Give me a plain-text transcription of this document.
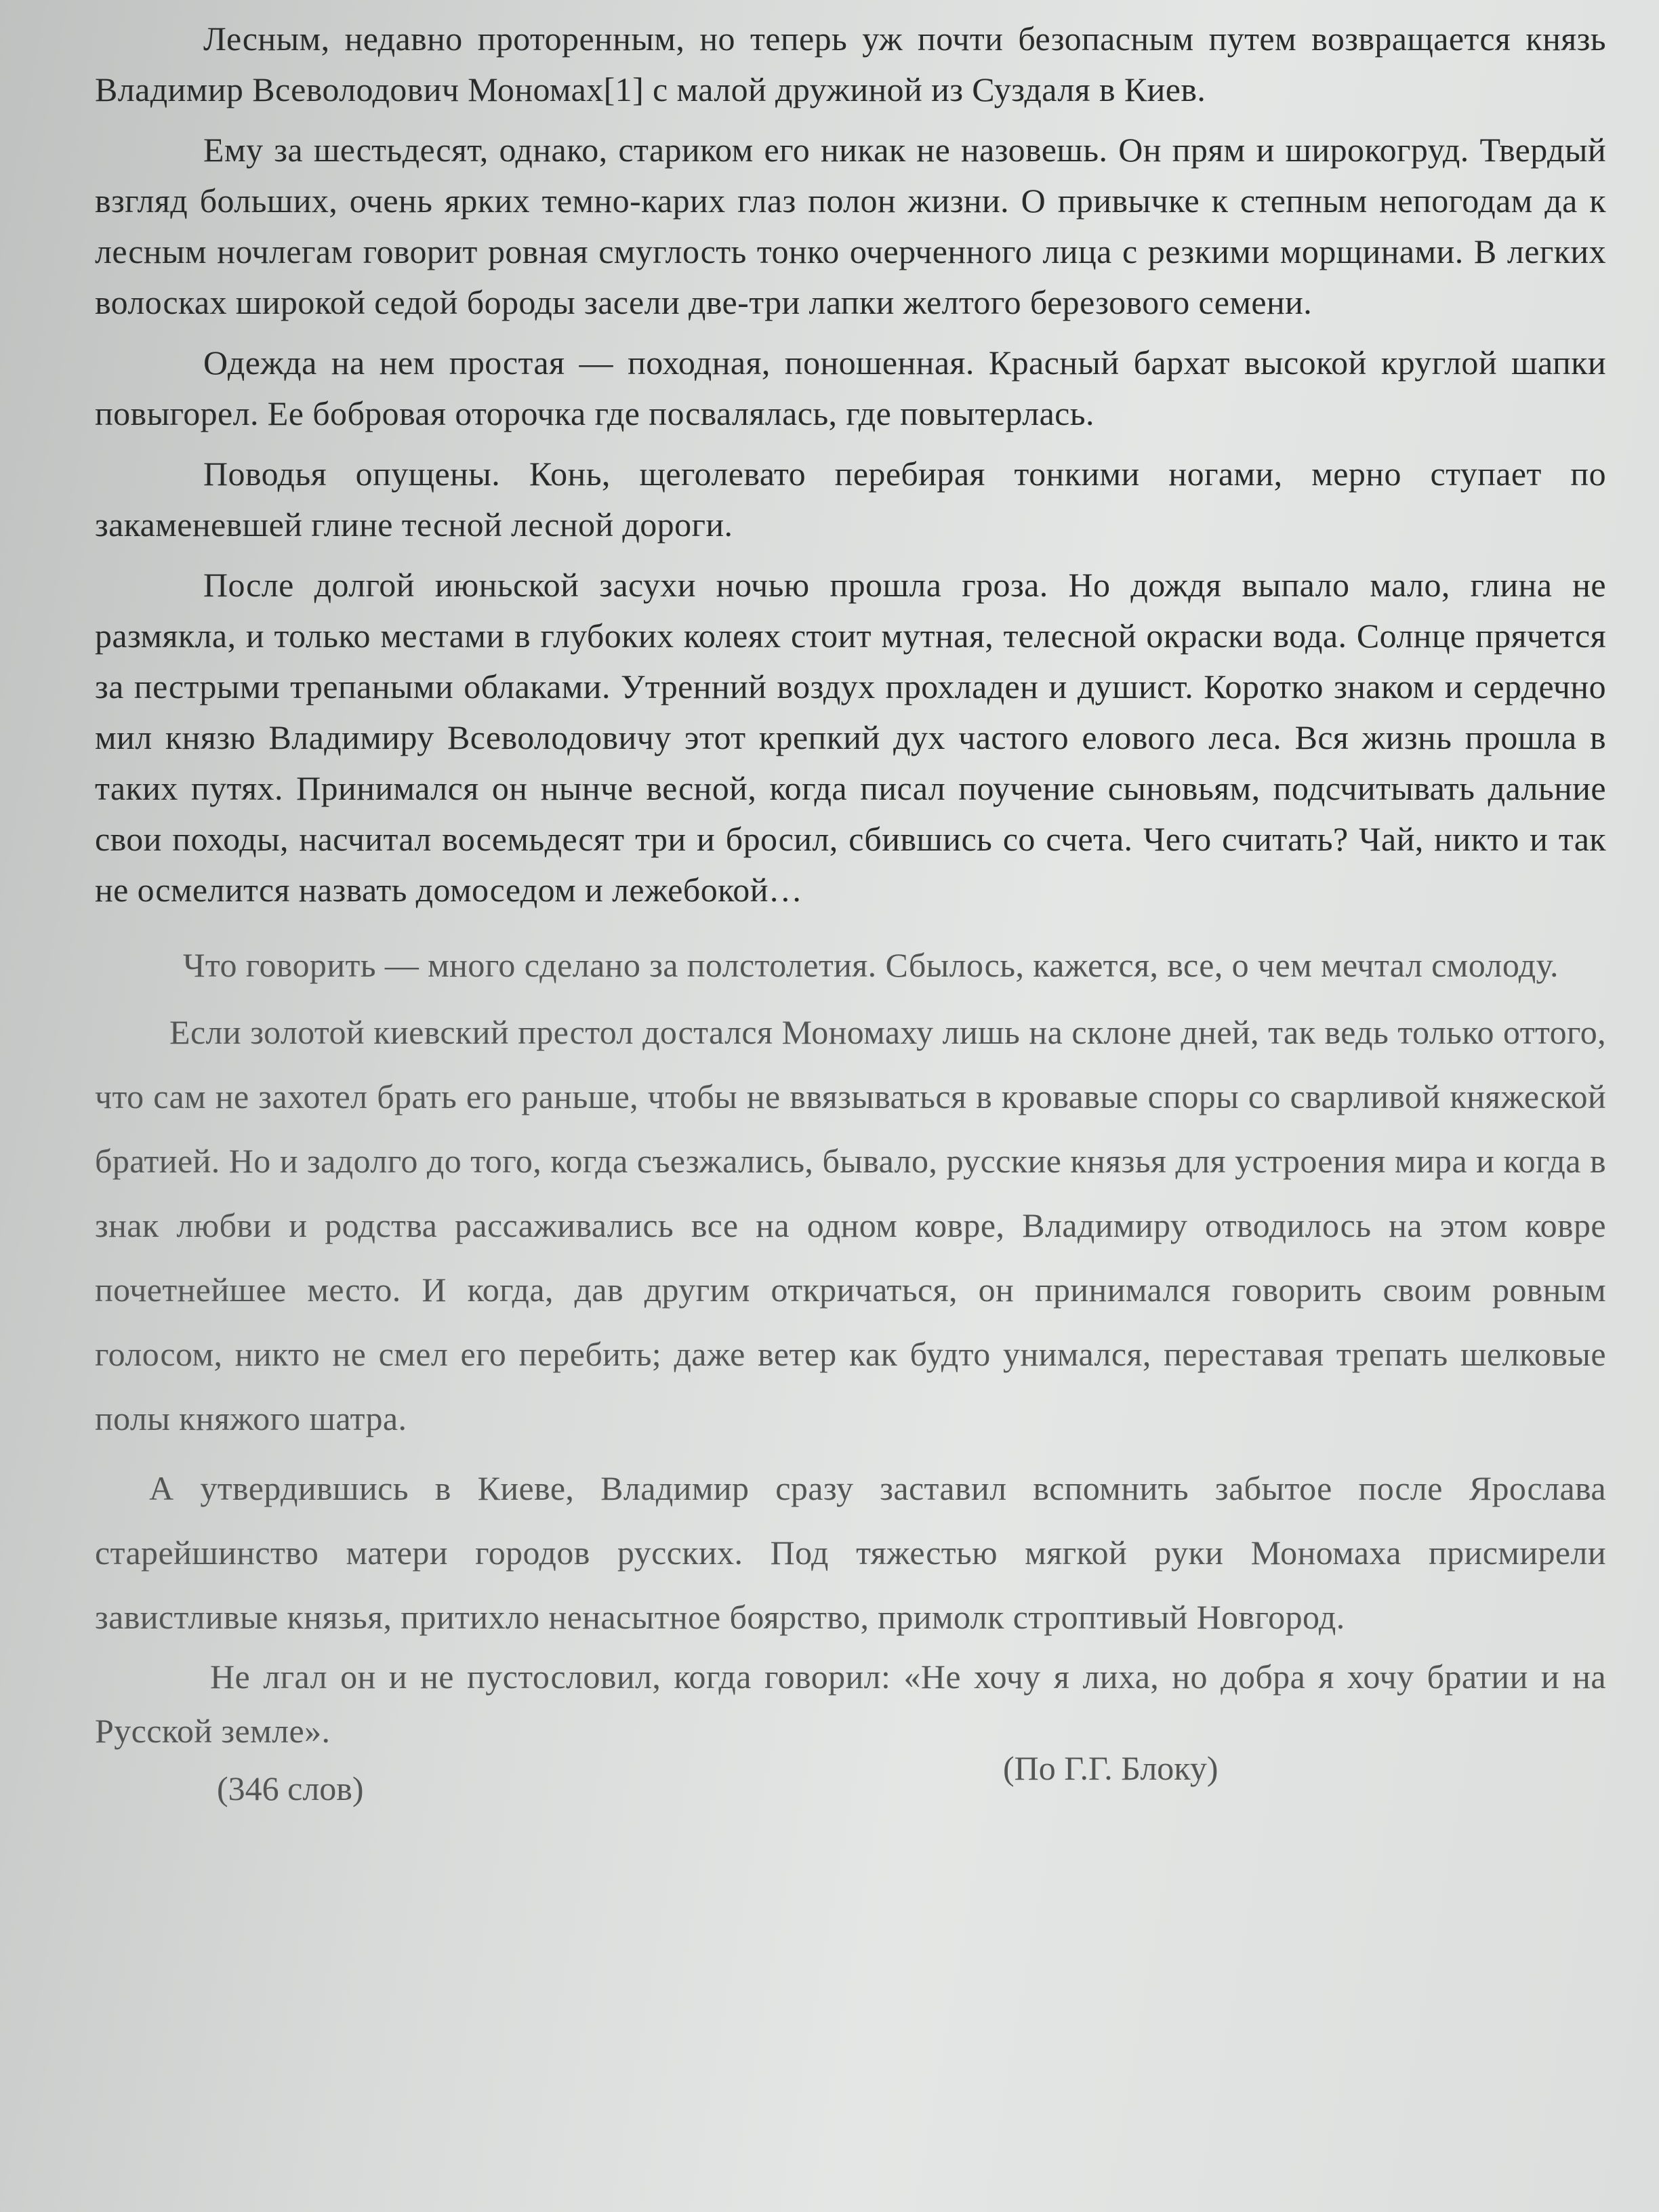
Лесным, недавно проторенным, но теперь уж почти безопасным путем возвращается князь Владимир Всеволодович Мономах[1] с малой дружиной из Суздаля в Киев.

Ему за шестьдесят, однако, стариком его никак не назовешь. Он прям и широкогруд. Твердый взгляд больших, очень ярких темно-карих глаз полон жизни. О привычке к степным непогодам да к лесным ночлегам говорит ровная смуглость тонко очерченного лица с резкими морщинами. В легких волосках широкой седой бороды засели две-три лапки желтого березового семени.

Одежда на нем простая — походная, поношенная. Красный бархат высокой круглой шапки повыгорел. Ее бобровая оторочка где посвалялась, где повытерлась.

Поводья опущены. Конь, щеголевато перебирая тонкими ногами, мерно ступает по закаменевшей глине тесной лесной дороги.

После долгой июньской засухи ночью прошла гроза. Но дождя выпало мало, глина не размякла, и только местами в глубоких колеях стоит мутная, телесной окраски вода. Солнце прячется за пестрыми трепаными облаками. Утренний воздух прохладен и душист. Коротко знаком и сердечно мил князю Владимиру Всеволодовичу этот крепкий дух частого елового леса. Вся жизнь прошла в таких путях. Принимался он нынче весной, когда писал поучение сыновьям, подсчитывать дальние свои походы, насчитал восемьдесят три и бросил, сбившись со счета. Чего считать? Чай, никто и так не осмелится назвать домоседом и лежебокой…

Что говорить — много сделано за полстолетия. Сбылось, кажется, все, о чем мечтал смолоду.

Если золотой киевский престол достался Мономаху лишь на склоне дней, так ведь только оттого, что сам не захотел брать его раньше, чтобы не ввязываться в кровавые споры со сварливой княжеской братией. Но и задолго до того, когда съезжались, бывало, русские князья для устроения мира и когда в знак любви и родства рассаживались все на одном ковре, Владимиру отводилось на этом ковре почетнейшее место. И когда, дав другим откричаться, он принимался говорить своим ровным голосом, никто не смел его перебить; даже ветер как будто унимался, переставая трепать шелковые полы княжого шатра.

А утвердившись в Киеве, Владимир сразу заставил вспомнить забытое после Ярослава старейшинство матери городов русских. Под тяжестью мягкой руки Мономаха присмирели завистливые князья, притихло ненасытное боярство, примолк строптивый Новгород.

Не лгал он и не пустословил, когда говорил: «Не хочу я лиха, но добра я хочу братии и на Русской земле».

(346 слов)
(По Г.Г. Блоку)
